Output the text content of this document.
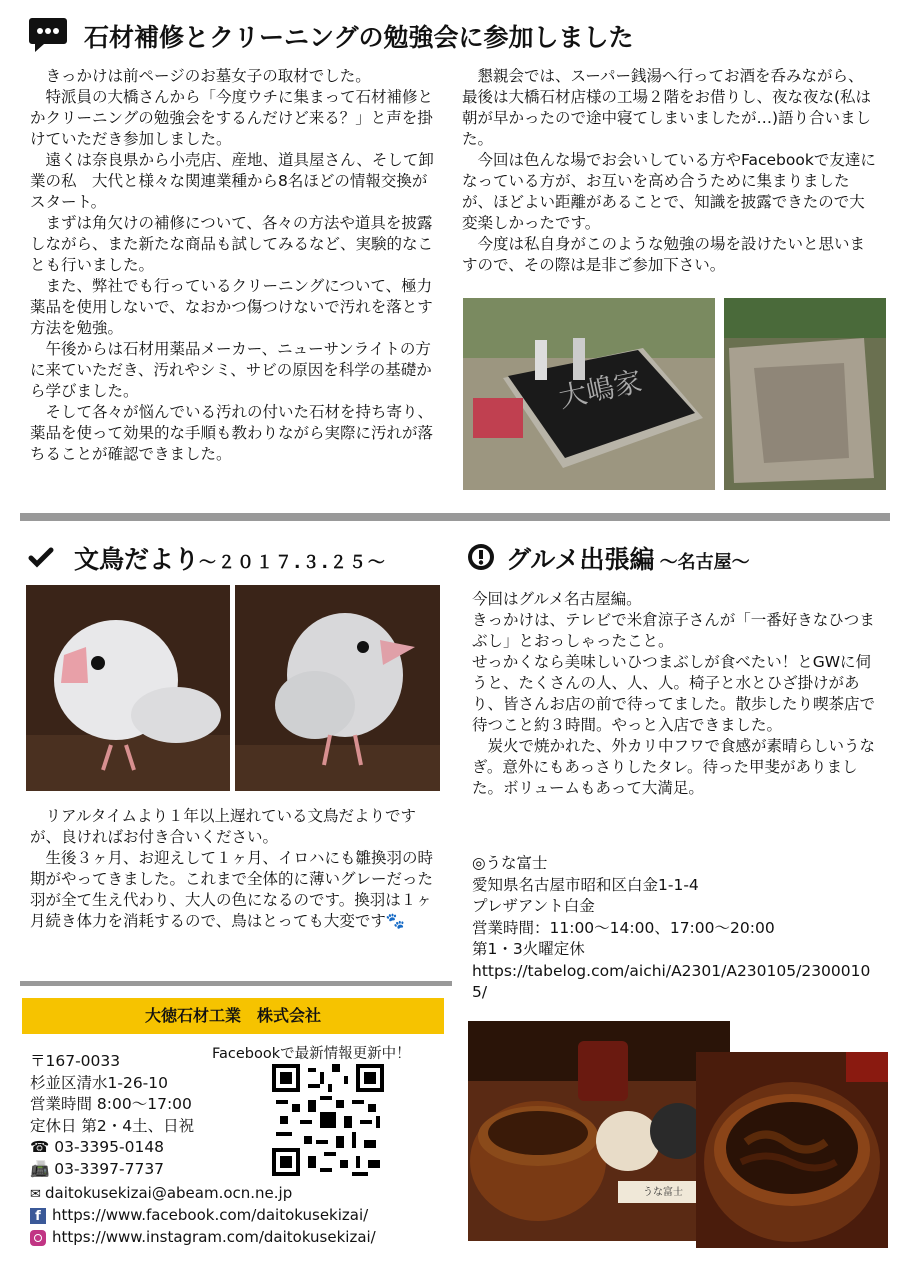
石材補修とクリーニングの勉強会に参加しました

きっかけは前ページのお墓女子の取材でした。

特派員の大橋さんから「今度ウチに集まって石材補修とかクリーニングの勉強会をするんだけど来る？」と声を掛けていただき参加しました。

遠くは奈良県から小売店、産地、道具屋さん、そして卸業の私　大代と様々な関連業種から8名ほどの情報交換がスタート。

まずは角欠けの補修について、各々の方法や道具を披露しながら、また新たな商品も試してみるなど、実験的なことも行いました。

また、弊社でも行っているクリーニングについて、極力薬品を使用しないで、なおかつ傷つけないで汚れを落とす方法を勉強。

午後からは石材用薬品メーカー、ニューサンライトの方に来ていただき、汚れやシミ、サビの原因を科学の基礎から学びました。

そして各々が悩んでいる汚れの付いた石材を持ち寄り、薬品を使って効果的な手順も教わりながら実際に汚れが落ちることが確認できました。

懇親会では、スーパー銭湯へ行ってお酒を呑みながら、最後は大橋石材店様の工場２階をお借りし、夜な夜な(私は朝が早かったので途中寝てしまいましたが…)語り合いました。

今回は色んな場でお会いしている方やFacebookで友達になっている方が、お互いを高め合うために集まりましたが、ほどよい距離があることで、知識を披露できたので大変楽しかったです。

今度は私自身がこのような勉強の場を設けたいと思いますので、その際は是非ご参加下さい。

大嶋家
文鳥だより～２０１７.３.２５～

リアルタイムより１年以上遅れている文鳥だよりですが、良ければお付き合いください。

生後３ヶ月、お迎えして１ヶ月、イロハにも雛換羽の時期がやってきました。これまで全体的に薄いグレーだった羽が全て生え代わり、大人の色になるのです。換羽は１ヶ月続き体力を消耗するので、鳥はとっても大変です🐾

大徳石材工業　株式会社
Facebookで最新情報更新中！
〒167-0033
杉並区清水1-26-10
営業時間 8:00～17:00
定休日 第2・4土、日祝
☎ 03-3395-0148
📠 03-3397-7737
✉ daitokusekizai@abeam.ocn.ne.jp
f https://www.facebook.com/daitokusekizai/
https://www.instagram.com/daitokusekizai/
グルメ出張編 ～名古屋～

今回はグルメ名古屋編。

きっかけは、テレビで米倉涼子さんが「一番好きなひつまぶし」とおっしゃったこと。

せっかくなら美味しいひつまぶしが食べたい！とGWに伺うと、たくさんの人、人、人。椅子と水とひざ掛けがあり、皆さんお店の前で待ってました。散歩したり喫茶店で待つこと約３時間。やっと入店できました。

炭火で焼かれた、外カリ中フワで食感が素晴らしいうなぎ。意外にもあっさりしたタレ。待った甲斐がありました。ボリュームもあって大満足。

◎うな富士
愛知県名古屋市昭和区白金1-1-4
プレザアント白金
営業時間：11:00～14:00、17:00～20:00
第1・3火曜定休
https://tabelog.com/aichi/A2301/A230105/23000105/
うな富士
